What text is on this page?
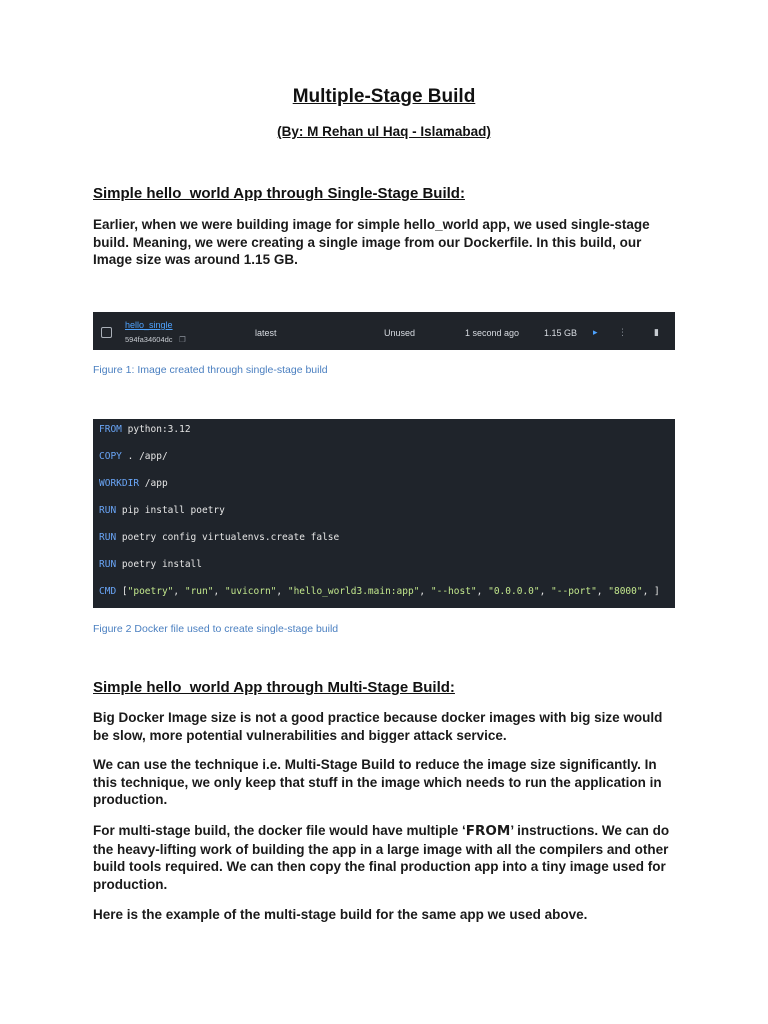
Multiple-Stage Build
(By: M Rehan ul Haq - Islamabad)
Simple hello_world App through Single-Stage Build:

Earlier, when we were building image for simple hello_world app, we used single-stage build. Meaning, we were creating a single image from our Dockerfile. In this build, our Image size was around 1.15 GB.

hello_single
594fa34604dc ❐
latest	Unused	1 second ago	1.15 GB ▸ ⋮	▮

Figure 1: Image created through single-stage build

FROM python:3.12
COPY . /app/
WORKDIR /app
RUN pip install poetry
RUN poetry config virtualenvs.create false
RUN poetry install
CMD ["poetry", "run", "uvicorn", "hello_world3.main:app", "--host", "0.0.0.0", "--port", "8000", ]

Figure 2 Docker file used to create single-stage build

Simple hello_world App through Multi-Stage Build:

Big Docker Image size is not a good practice because docker images with big size would be slow, more potential vulnerabilities and bigger attack service.

We can use the technique i.e. Multi-Stage Build to reduce the image size significantly. In this technique, we only keep that stuff in the image which needs to run the application in production.

For multi-stage build, the docker file would have multiple ‘FROM’ instructions. We can do the heavy-lifting work of building the app in a large image with all the compilers and other build tools required. We can then copy the final production app into a tiny image used for production.

Here is the example of the multi-stage build for the same app we used above.
